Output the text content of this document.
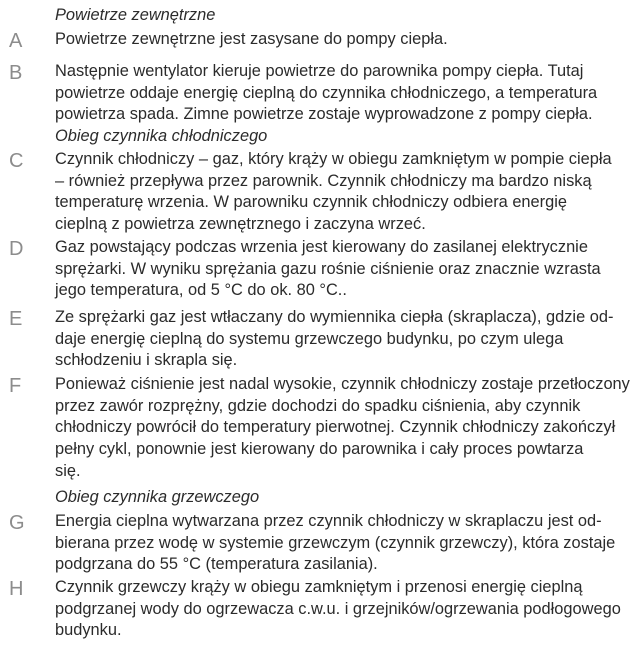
Powietrze zewnętrzne
A	Powietrze zewnętrzne jest zasysane do pompy ciepła.
B	Następnie wentylator kieruje powietrze do parownika pompy ciepła. Tutaj
powietrze oddaje energię cieplną do czynnika chłodniczego, a temperatura
powietrza spada. Zimne powietrze zostaje wyprowadzone z pompy ciepła.
Obieg czynnika chłodniczego
C	Czynnik chłodniczy – gaz, który krąży w obiegu zamkniętym w pompie ciepła
– również przepływa przez parownik. Czynnik chłodniczy ma bardzo niską
temperaturę wrzenia. W parowniku czynnik chłodniczy odbiera energię
cieplną z powietrza zewnętrznego i zaczyna wrzeć.
D	Gaz powstający podczas wrzenia jest kierowany do zasilanej elektrycznie
sprężarki. W wyniku sprężania gazu rośnie ciśnienie oraz znacznie wzrasta
jego temperatura, od 5 °C do ok. 80 °C..
E	Ze sprężarki gaz jest wtłaczany do wymiennika ciepła (skraplacza), gdzie od-
daje energię cieplną do systemu grzewczego budynku, po czym ulega
schłodzeniu i skrapla się.
F	Ponieważ ciśnienie jest nadal wysokie, czynnik chłodniczy zostaje przetłoczony
przez zawór rozprężny, gdzie dochodzi do spadku ciśnienia, aby czynnik
chłodniczy powrócił do temperatury pierwotnej. Czynnik chłodniczy zakończył
pełny cykl, ponownie jest kierowany do parownika i cały proces powtarza
się.
Obieg czynnika grzewczego
G	Energia cieplna wytwarzana przez czynnik chłodniczy w skraplaczu jest od-
bierana przez wodę w systemie grzewczym (czynnik grzewczy), która zostaje
podgrzana do 55 °C (temperatura zasilania).
H	Czynnik grzewczy krąży w obiegu zamkniętym i przenosi energię cieplną
podgrzanej wody do ogrzewacza c.w.u. i grzejników/ogrzewania podłogowego
budynku.
